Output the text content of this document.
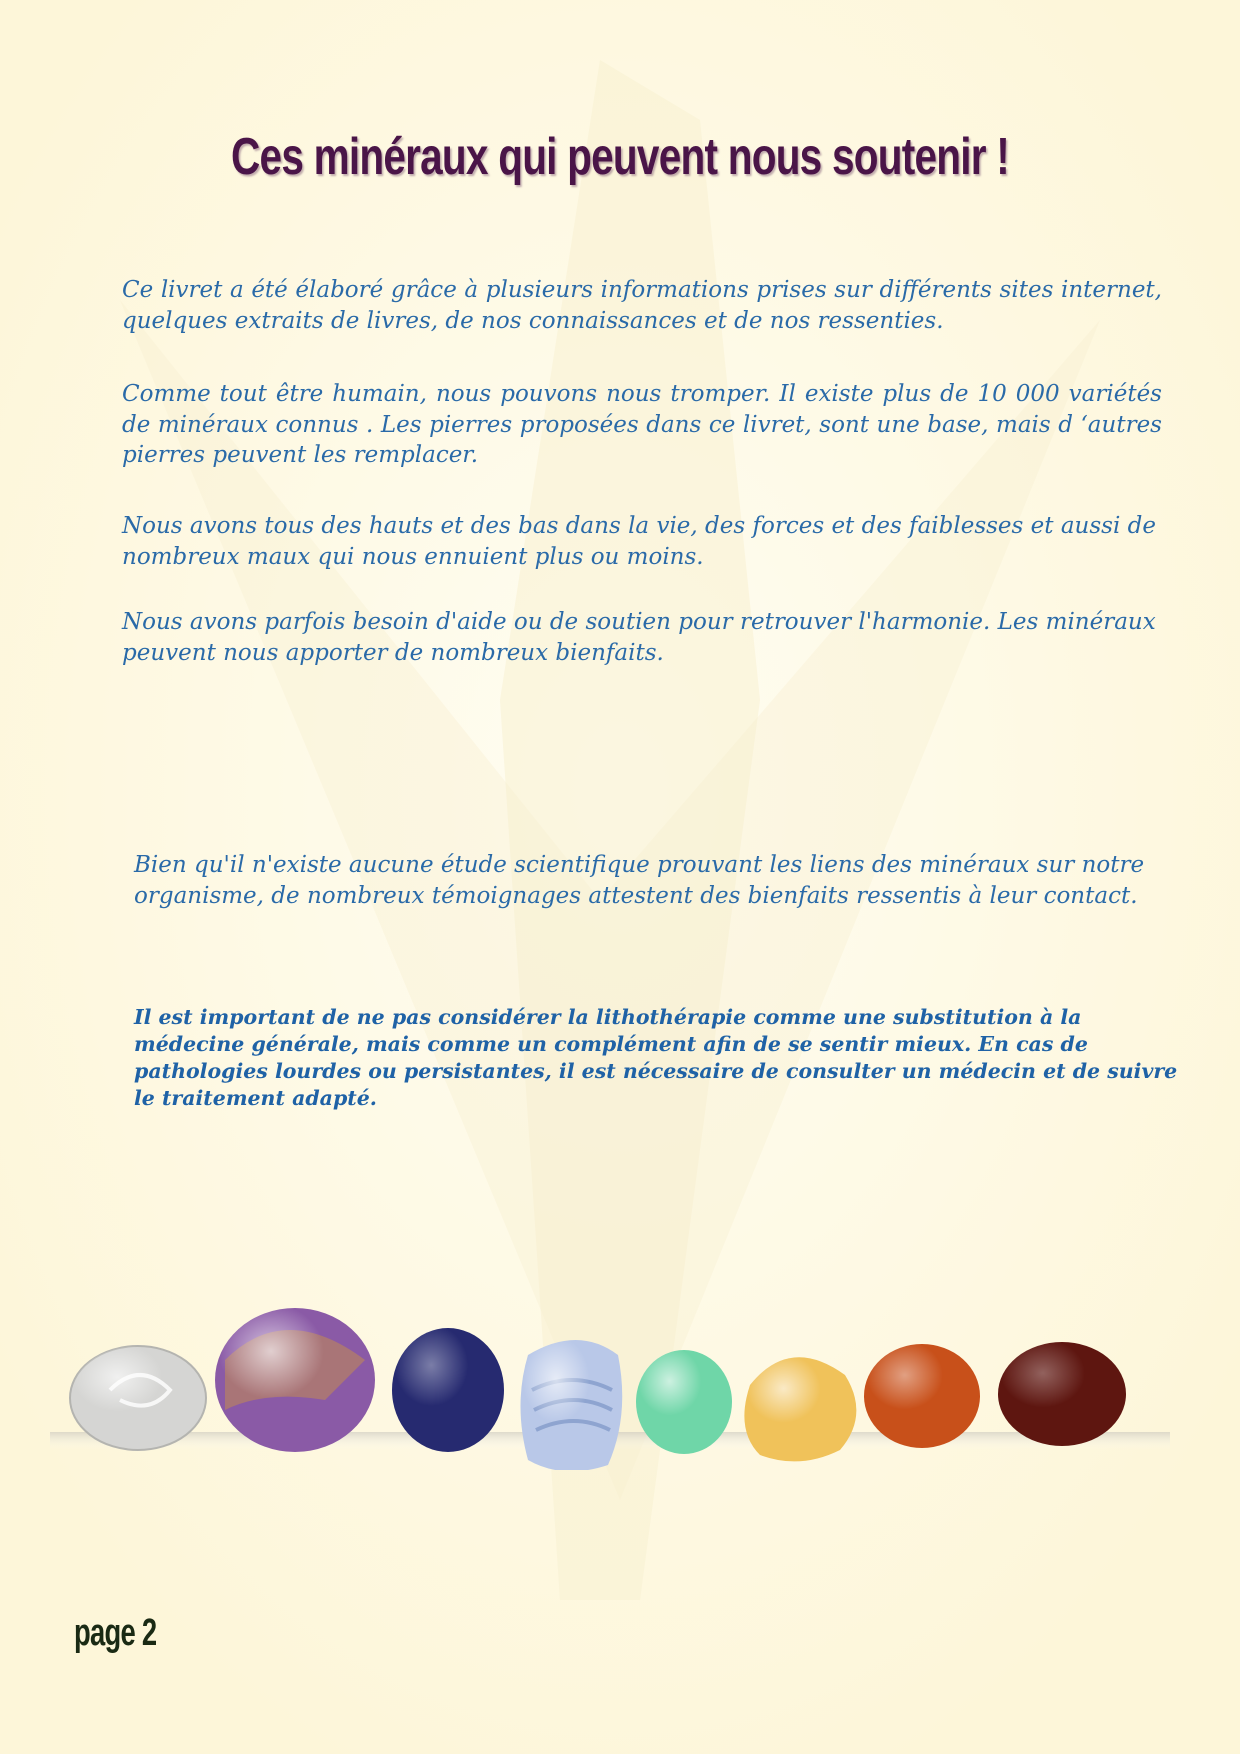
Ces minéraux qui peuvent nous soutenir !

Ce livret a été élaboré grâce à plusieurs informations prises sur différents sites internet, quelques extraits de livres, de nos connaissances et de nos ressenties.

Comme tout être humain, nous pouvons nous tromper. Il existe plus de 10 000 variétés de minéraux connus . Les pierres proposées dans ce livret, sont une base, mais d ‘autres pierres peuvent les remplacer.

Nous avons tous des hauts et des bas dans la vie, des forces et des faiblesses et aussi de nombreux maux qui nous ennuient plus ou moins.

Nous avons parfois besoin d'aide ou de soutien pour retrouver l'harmonie. Les minéraux peuvent nous apporter de nombreux bienfaits.

Bien qu'il n'existe aucune étude scientifique prouvant les liens des minéraux sur notre organisme, de nombreux témoignages attestent des bienfaits ressentis à leur contact.

Il est important de ne pas considérer la lithothérapie comme une substitution à la médecine générale, mais comme un complément afin de se sentir mieux. En cas de pathologies lourdes ou persistantes, il est nécessaire de consulter un médecin et de suivre le traitement adapté.

page 2
